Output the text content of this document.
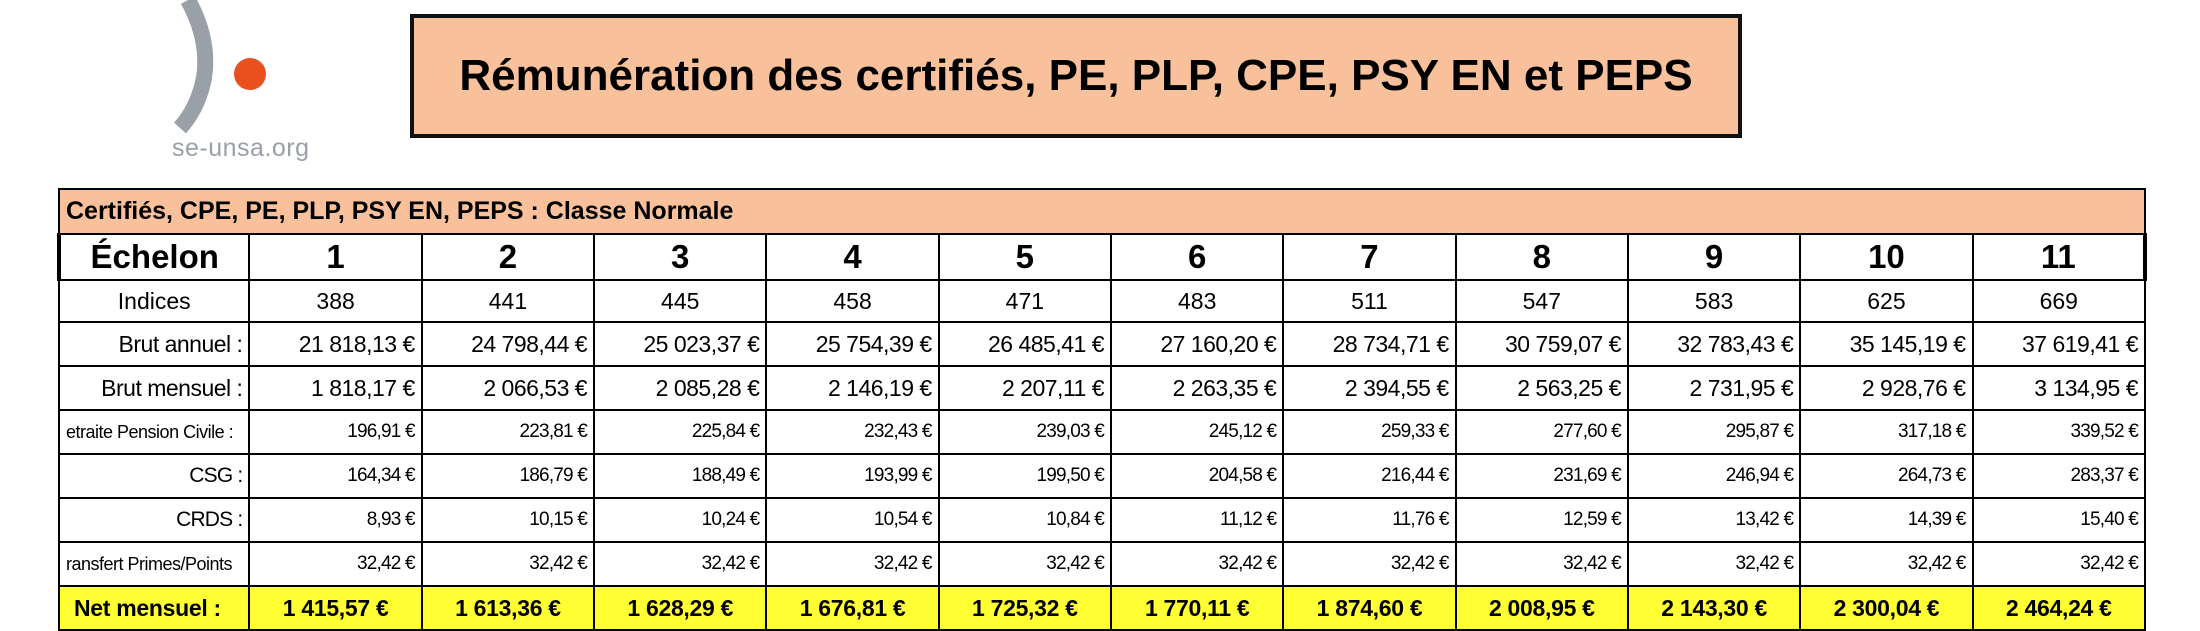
se-unsa.org
Rémunération des certifiés, PE, PLP, CPE, PSY EN et PEPS
Certifiés, CPE, PE, PLP, PSY EN, PEPS : Classe Normale											
Échelon	1	2	3	4	5	6	7	8	9	10	11
Indices	388	441	445	458	471	483	511	547	583	625	669
Brut annuel :	21 818,13 €	24 798,44 €	25 023,37 €	25 754,39 €	26 485,41 €	27 160,20 €	28 734,71 €	30 759,07 €	32 783,43 €	35 145,19 €	37 619,41 €
Brut mensuel :	1 818,17 €	2 066,53 €	2 085,28 €	2 146,19 €	2 207,11 €	2 263,35 €	2 394,55 €	2 563,25 €	2 731,95 €	2 928,76 €	3 134,95 €
etraite Pension Civile :	196,91 €	223,81 €	225,84 €	232,43 €	239,03 €	245,12 €	259,33 €	277,60 €	295,87 €	317,18 €	339,52 €
CSG :	164,34 €	186,79 €	188,49 €	193,99 €	199,50 €	204,58 €	216,44 €	231,69 €	246,94 €	264,73 €	283,37 €
CRDS :	8,93 €	10,15 €	10,24 €	10,54 €	10,84 €	11,12 €	11,76 €	12,59 €	13,42 €	14,39 €	15,40 €
ransfert Primes/Points	32,42 €	32,42 €	32,42 €	32,42 €	32,42 €	32,42 €	32,42 €	32,42 €	32,42 €	32,42 €	32,42 €
Net mensuel :	1 415,57 €	1 613,36 €	1 628,29 €	1 676,81 €	1 725,32 €	1 770,11 €	1 874,60 €	2 008,95 €	2 143,30 €	2 300,04 €	2 464,24 €
